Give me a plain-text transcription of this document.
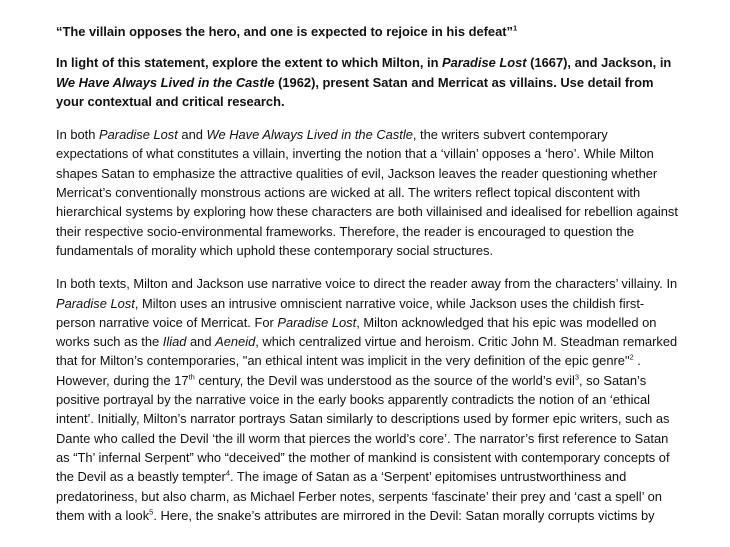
“The villain opposes the hero, and one is expected to rejoice in his defeat”$^1$

In light of this statement, explore the extent to which Milton, in Paradise Lost (1667), and Jackson, in We Have Always Lived in the Castle (1962), present Satan and Merricat as villains. Use detail from your contextual and critical research.

In both Paradise Lost and We Have Always Lived in the Castle, the writers subvert contemporary expectations of what constitutes a villain, inverting the notion that a ‘villain’ opposes a ‘hero’. While Milton shapes Satan to emphasize the attractive qualities of evil, Jackson leaves the reader questioning whether Merricat’s conventionally monstrous actions are wicked at all. The writers reflect topical discontent with hierarchical systems by exploring how these characters are both villainised and idealised for rebellion against their respective socio-environmental frameworks. Therefore, the reader is encouraged to question the fundamentals of morality which uphold these contemporary social structures.

In both texts, Milton and Jackson use narrative voice to direct the reader away from the characters’ villainy. In Paradise Lost, Milton uses an intrusive omniscient narrative voice, while Jackson uses the childish first-person narrative voice of Merricat. For Paradise Lost, Milton acknowledged that his epic was modelled on works such as the Iliad and Aeneid, which centralized virtue and heroism. Critic John M. Steadman remarked that for Milton’s contemporaries, "an ethical intent was implicit in the very definition of the epic genre"$^2$ . However, during the 17th century, the Devil was understood as the source of the world’s evil$^3$, so Satan’s positive portrayal by the narrative voice in the early books apparently contradicts the notion of an ‘ethical intent’. Initially, Milton’s narrator portrays Satan similarly to descriptions used by former epic writers, such as Dante who called the Devil ‘the ill worm that pierces the world’s core’. The narrator’s first reference to Satan as “Th’ infernal Serpent” who “deceived” the mother of mankind is consistent with contemporary concepts of the Devil as a beastly tempter$^4$. The image of Satan as a ‘Serpent’ epitomises untrustworthiness and predatoriness, but also charm, as Michael Ferber notes, serpents ‘fascinate’ their prey and ‘cast a spell’ on them with a look$^5$. Here, the snake’s attributes are mirrored in the Devil: Satan morally corrupts victims by
